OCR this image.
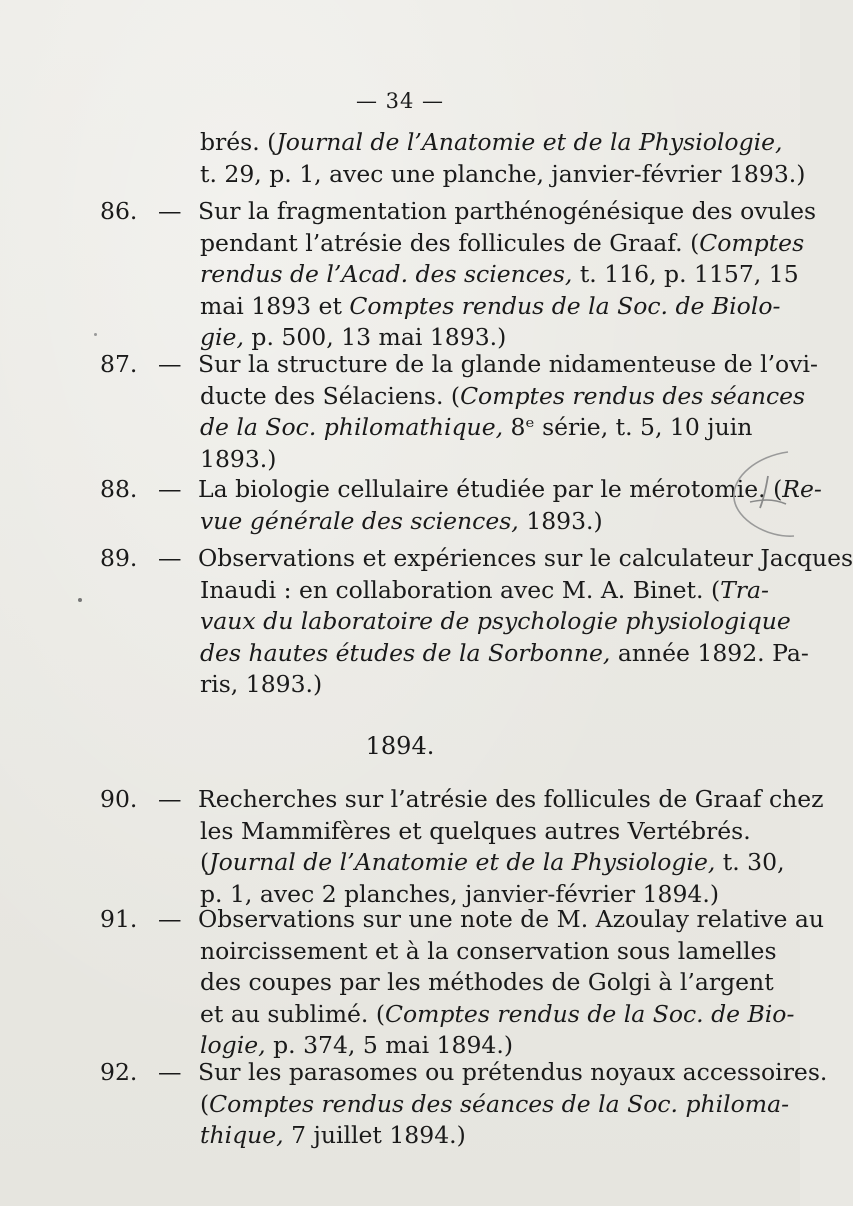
— 34 —
brés. (Journal de l’Anatomie et de la Physiologie,
t. 29, p. 1, avec une planche, janvier-février 1893.)
86. — Sur la fragmentation parthénogénésique des ovules
pendant l’atrésie des follicules de Graaf. (Comptes
rendus de l’Acad. des sciences, t. 116, p. 1157, 15
mai 1893 et Comptes rendus de la Soc. de Biolo-
gie, p. 500, 13 mai 1893.)
87. — Sur la structure de la glande nidamenteuse de l’ovi-
ducte des Sélaciens. (Comptes rendus des séances
de la Soc. philomathique, 8ᵉ série, t. 5, 10 juin
1893.)
88. — La biologie cellulaire étudiée par le mérotomie. (Re-
vue générale des sciences, 1893.)
89. — Observations et expériences sur le calculateur Jacques
Inaudi : en collaboration avec M. A. Binet. (Tra-
vaux du laboratoire de psychologie physiologique
des hautes études de la Sorbonne, année 1892. Pa-
ris, 1893.)
1894.
90. — Recherches sur l’atrésie des follicules de Graaf chez
les Mammifères et quelques autres Vertébrés.
(Journal de l’Anatomie et de la Physiologie, t. 30,
p. 1, avec 2 planches, janvier-février 1894.)
91. — Observations sur une note de M. Azoulay relative au
noircissement et à la conservation sous lamelles
des coupes par les méthodes de Golgi à l’argent
et au sublimé. (Comptes rendus de la Soc. de Bio-
logie, p. 374, 5 mai 1894.)
92. — Sur les parasomes ou prétendus noyaux accessoires.
(Comptes rendus des séances de la Soc. philoma-
thique, 7 juillet 1894.)
